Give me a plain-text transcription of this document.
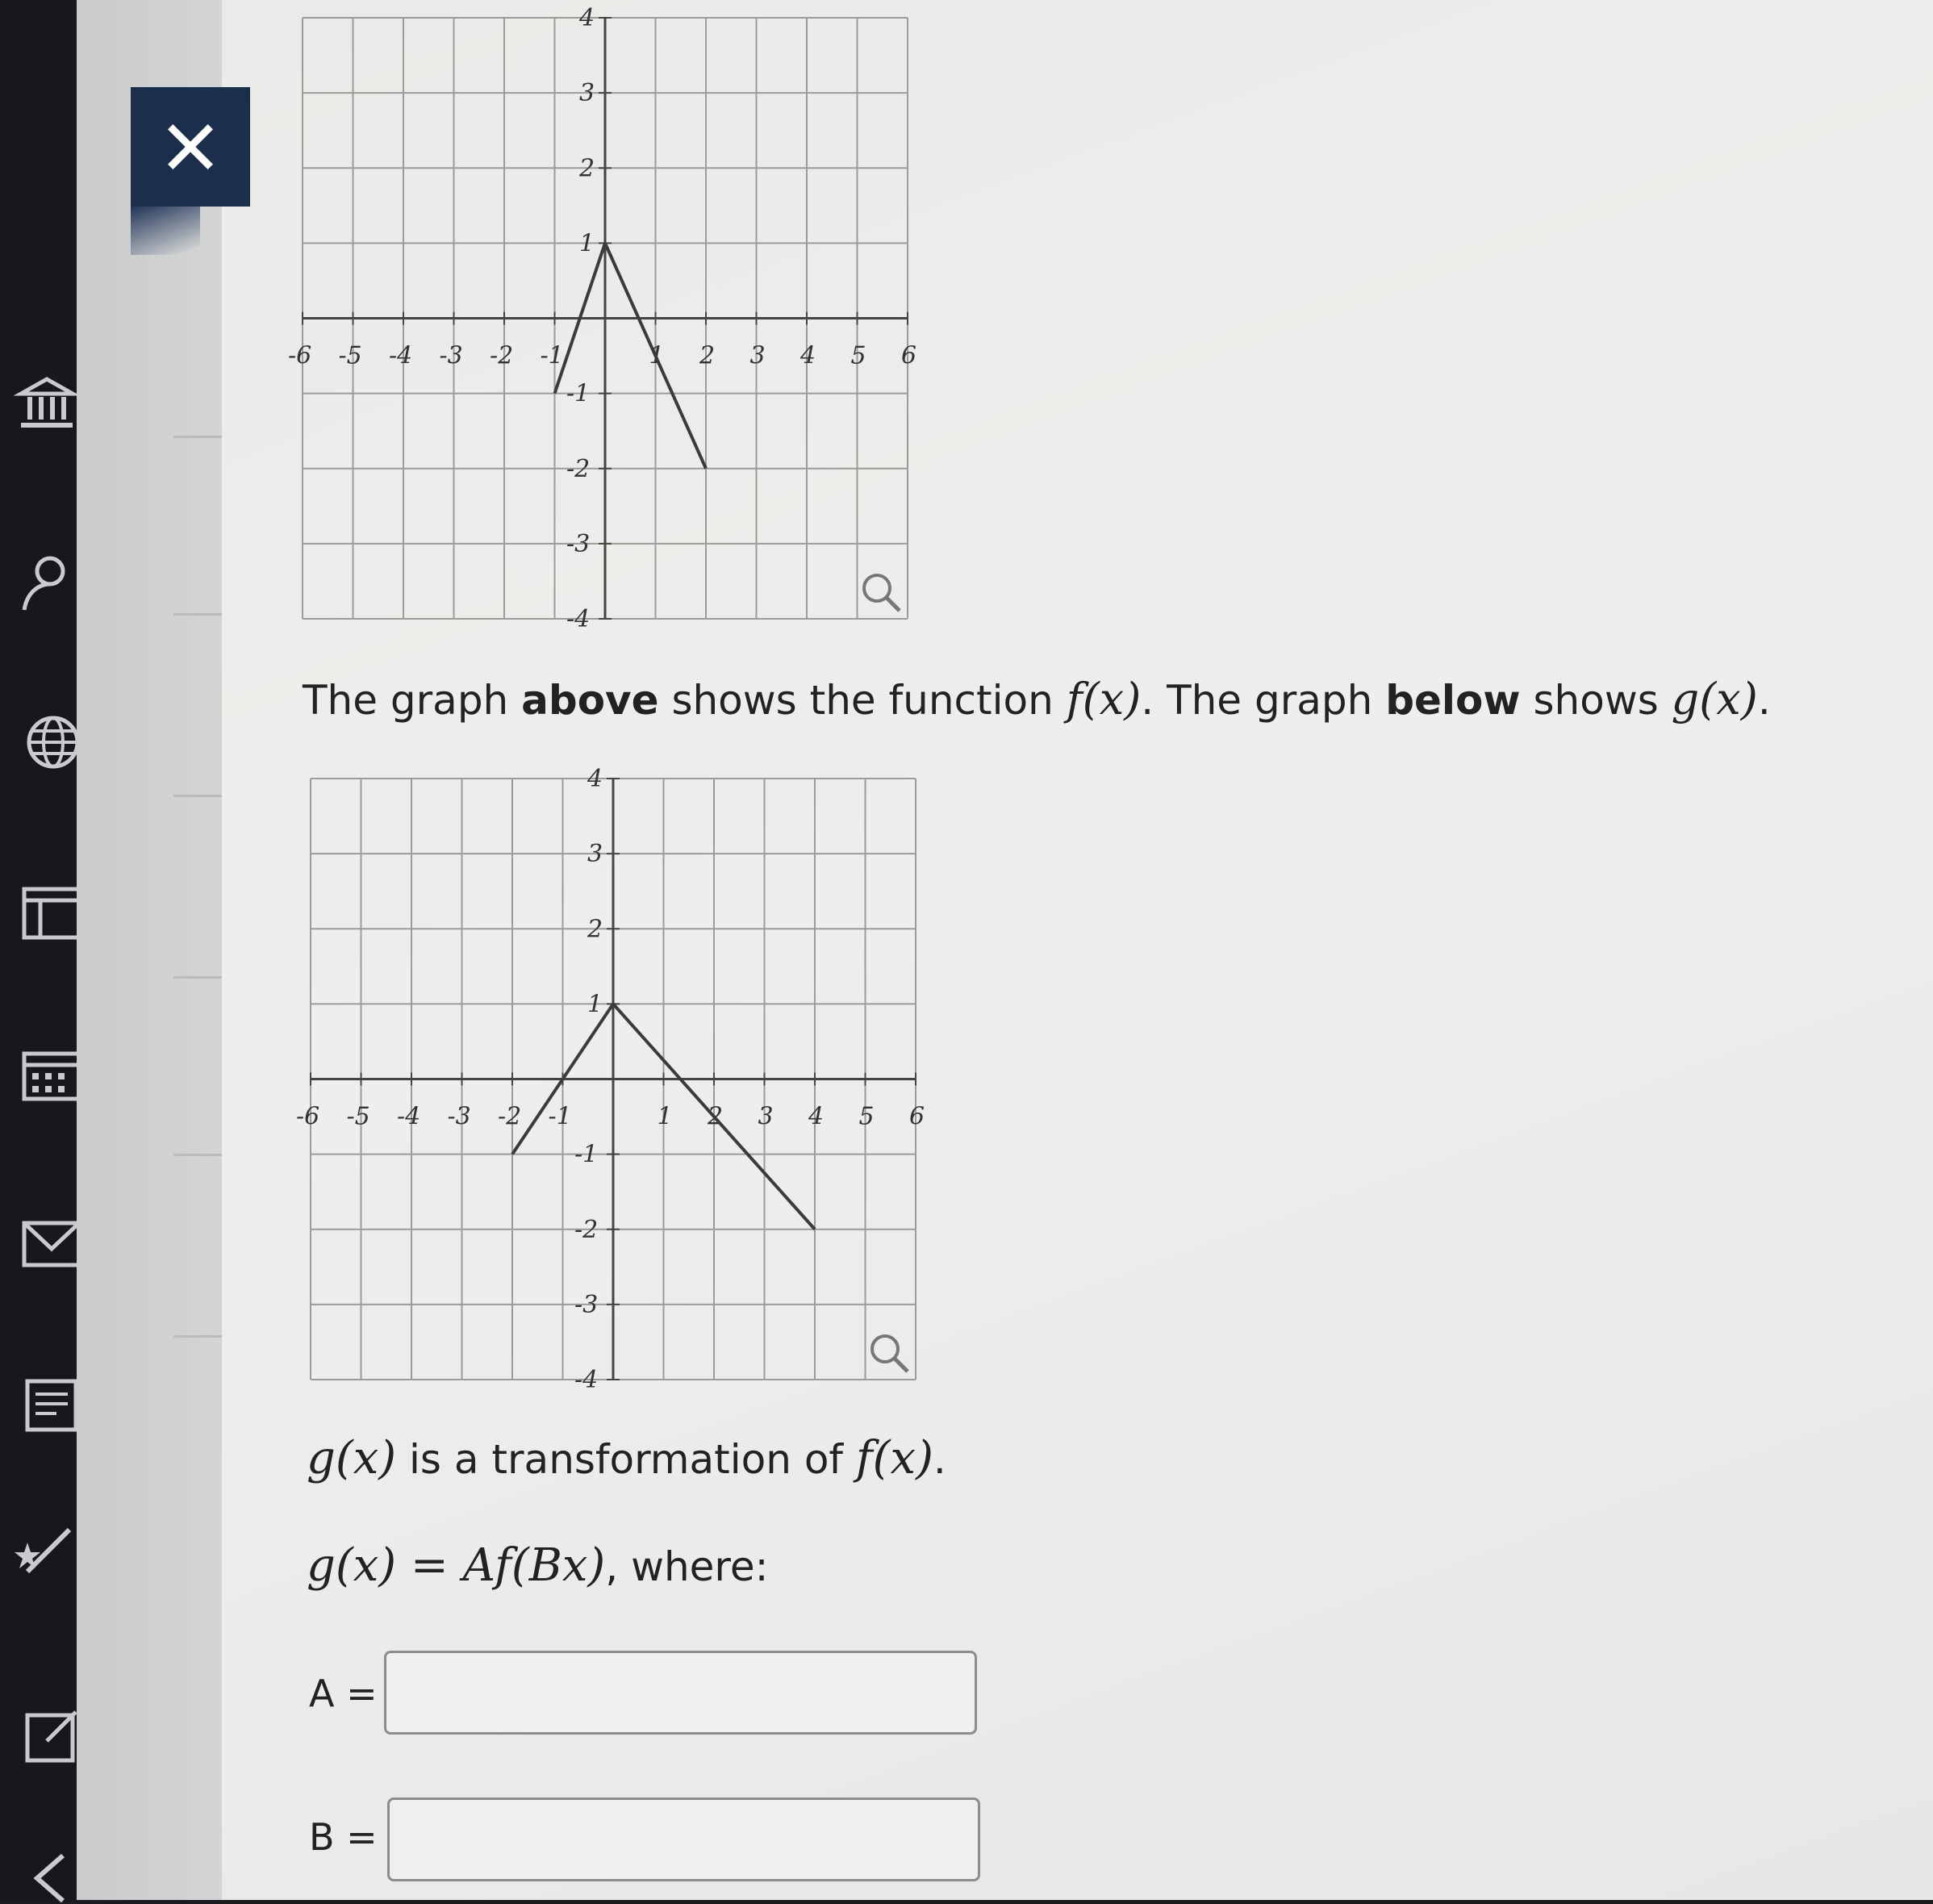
-6 -5 -4 -3 -2 -1	1 2 3 4 5 6
4
3
2
1
-1
-2
-3
-4
The graph above shows the function f(x). The graph below shows g(x).
-6 -5 -4 -3 -2 -1	1 2 3 4 5 6
4
3
2
1
-1
-2
-3
-4
g(x) is a transformation of f(x).
g(x) = Af(Bx), where:
A =
B =
